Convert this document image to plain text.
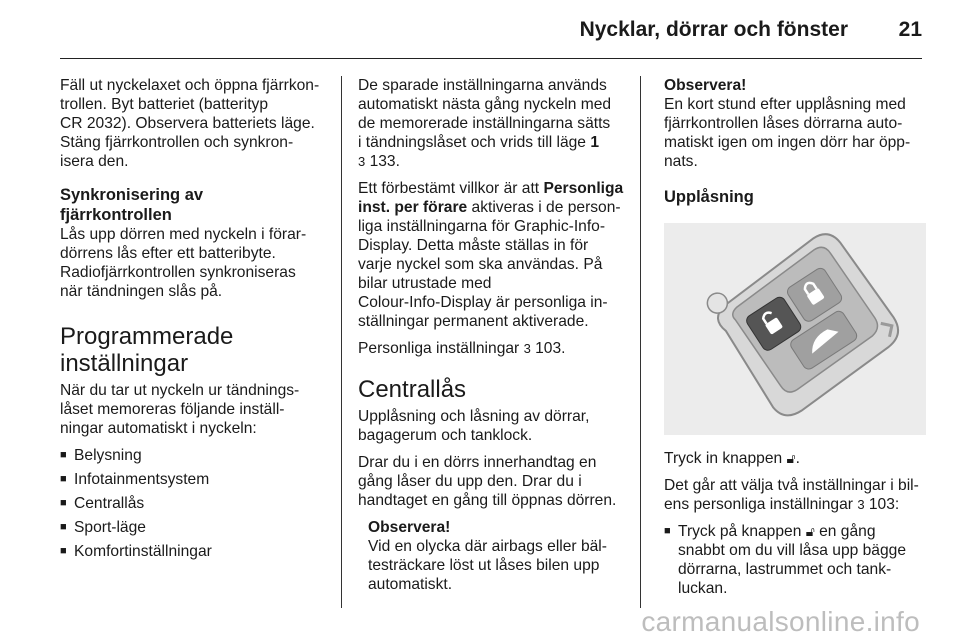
Nycklar, dörrar och fönster 21

Fäll ut nyckelaxet och öppna fjärrkon-
trollen. Byt batteriet (batterityp
CR 2032). Observera batteriets läge.
Stäng fjärrkontrollen och synkron-
isera den.

Synkronisering av
fjärrkontrollen

Lås upp dörren med nyckeln i förar-
dörrens lås efter ett batteribyte.
Radiofjärrkontrollen synkroniseras
när tändningen slås på.

Programmerade
inställningar

När du tar ut nyckeln ur tändnings-
låset memoreras följande inställ-
ningar automatiskt i nyckeln:

■ Belysning
■ Infotainmentsystem
■ Centrallås
■ Sport-läge
■ Komfortinställningar

De sparade inställningarna används
automatiskt nästa gång nyckeln med
de memorerade inställningarna sätts
i tändningslåset och vrids till läge 1
3 133.

Ett förbestämt villkor är att Personliga
inst. per förare aktiveras i de person-
liga inställningarna för Graphic-Info-
Display. Detta måste ställas in för
varje nyckel som ska användas. På
bilar utrustade med
Colour-Info-Display är personliga in-
ställningar permanent aktiverade.

Personliga inställningar 3 103.

Centrallås

Upplåsning och låsning av dörrar,
bagagerum och tanklock.

Drar du i en dörrs innerhandtag en
gång låser du upp den. Drar du i
handtaget en gång till öppnas dörren.

Observera!
Vid en olycka där airbags eller bäl-
testräckare löst ut låses bilen upp
automatiskt.
Observera!
En kort stund efter upplåsning med
fjärrkontrollen låses dörrarna auto-
matiskt igen om ingen dörr har öpp-
nats.
Upplåsning

Tryck in knappen 🔓︎.

Det går att välja två inställningar i bil-
ens personliga inställningar 3 103:

■ Tryck på knappen 🔓︎ en gång
snabbt om du vill låsa upp bägge
dörrarna, lastrummet och tank-
luckan.
carmanualsonline.info
